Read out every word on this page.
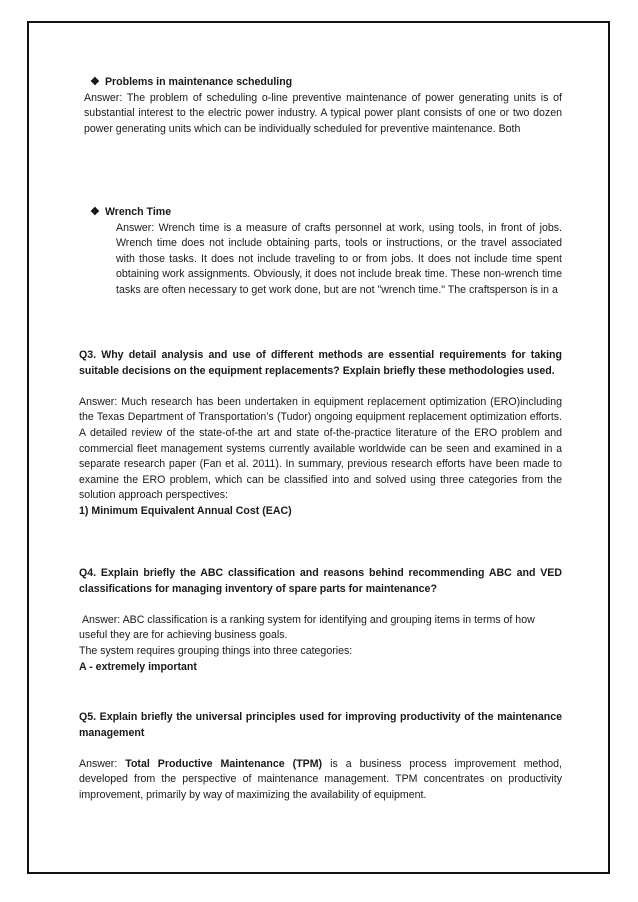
❖ Problems in maintenance scheduling

Answer: The problem of scheduling o-line preventive maintenance of power generating units is of substantial interest to the electric power industry. A typical power plant consists of one or two dozen power generating units which can be individually scheduled for preventive maintenance. Both

❖ Wrench Time

Answer: Wrench time is a measure of crafts personnel at work, using tools, in front of jobs. Wrench time does not include obtaining parts, tools or instructions, or the travel associated with those tasks. It does not include traveling to or from jobs. It does not include time spent obtaining work assignments. Obviously, it does not include break time. These non-wrench time tasks are often necessary to get work done, but are not "wrench time." The craftsperson is in a

Q3. Why detail analysis and use of different methods are essential requirements for taking suitable decisions on the equipment replacements? Explain briefly these methodologies used.

Answer: Much research has been undertaken in equipment replacement optimization (ERO)including the Texas Department of Transportation’s (Tudor) ongoing equipment replacement optimization efforts. A detailed review of the state-of-the art and state of-the-practice literature of the ERO problem and commercial fleet management systems currently available worldwide can be seen and examined in a separate research paper (Fan et al. 2011). In summary, previous research efforts have been made to examine the ERO problem, which can be classified into and solved using three categories from the solution approach perspectives:

1) Minimum Equivalent Annual Cost (EAC)

Q4. Explain briefly the ABC classification and reasons behind recommending ABC and VED classifications for managing inventory of spare parts for maintenance?

Answer: ABC classification is a ranking system for identifying and grouping items in terms of how useful they are for achieving business goals.

The system requires grouping things into three categories:

A - extremely important

Q5. Explain briefly the universal principles used for improving productivity of the maintenance management

Answer: Total Productive Maintenance (TPM) is a business process improvement method, developed from the perspective of maintenance management. TPM concentrates on productivity improvement, primarily by way of maximizing the availability of equipment.
